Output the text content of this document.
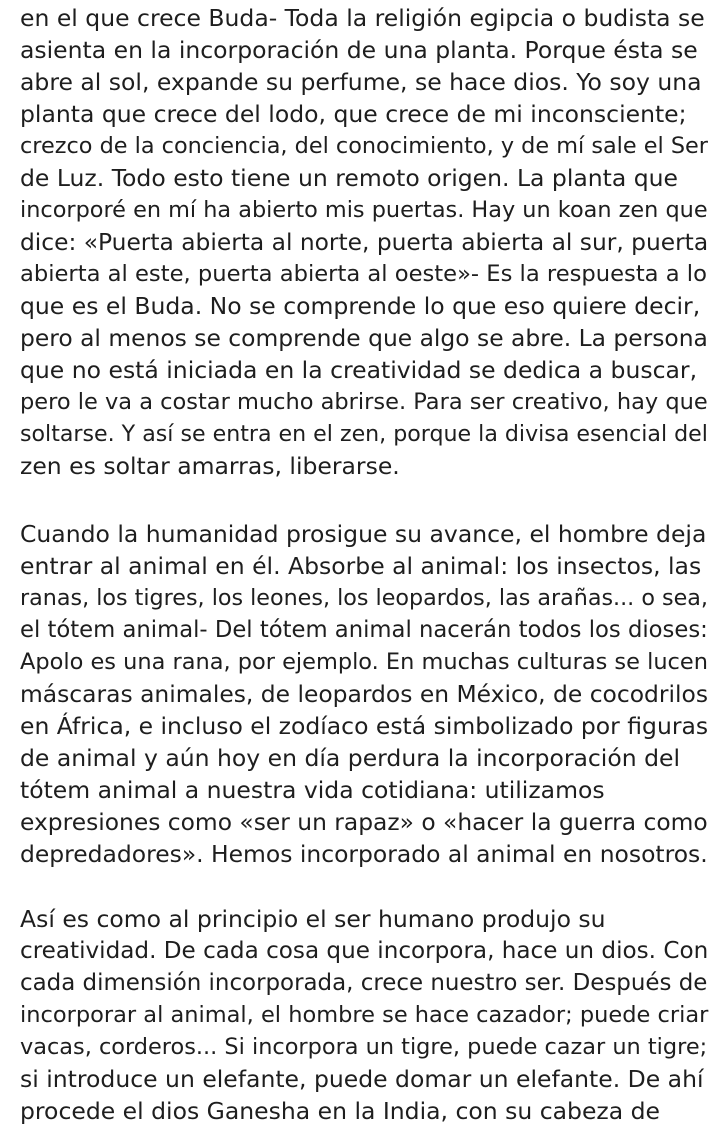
en el que crece Buda- Toda la religión egipcia o budista se
asienta en la incorporación de una planta. Porque ésta se
abre al sol, expande su perfume, se hace dios. Yo soy una
planta que crece del lodo, que crece de mi inconsciente;
crezco de la conciencia, del conocimiento, y de mí sale el Ser
de Luz. Todo esto tiene un remoto origen. La planta que
incorporé en mí ha abierto mis puertas. Hay un koan zen que
dice: «Puerta abierta al norte, puerta abierta al sur, puerta
abierta al este, puerta abierta al oeste»- Es la respuesta a lo
que es el Buda. No se comprende lo que eso quiere decir,
pero al menos se comprende que algo se abre. La persona
que no está iniciada en la creatividad se dedica a buscar,
pero le va a costar mucho abrirse. Para ser creativo, hay que
soltarse. Y así se entra en el zen, porque la divisa esencial del
zen es soltar amarras, liberarse.
Cuando la humanidad prosigue su avance, el hombre deja
entrar al animal en él. Absorbe al animal: los insectos, las
ranas, los tigres, los leones, los leopardos, las arañas... o sea,
el tótem animal- Del tótem animal nacerán todos los dioses:
Apolo es una rana, por ejemplo. En muchas culturas se lucen
máscaras animales, de leopardos en México, de cocodrilos
en África, e incluso el zodíaco está simbolizado por figuras
de animal y aún hoy en día perdura la incorporación del
tótem animal a nuestra vida cotidiana: utilizamos
expresiones como «ser un rapaz» o «hacer la guerra como
depredadores». Hemos incorporado al animal en nosotros.
Así es como al principio el ser humano produjo su
creatividad. De cada cosa que incorpora, hace un dios. Con
cada dimensión incorporada, crece nuestro ser. Después de
incorporar al animal, el hombre se hace cazador; puede criar
vacas, corderos... Si incorpora un tigre, puede cazar un tigre;
si introduce un elefante, puede domar un elefante. De ahí
procede el dios Ganesha en la India, con su cabeza de
